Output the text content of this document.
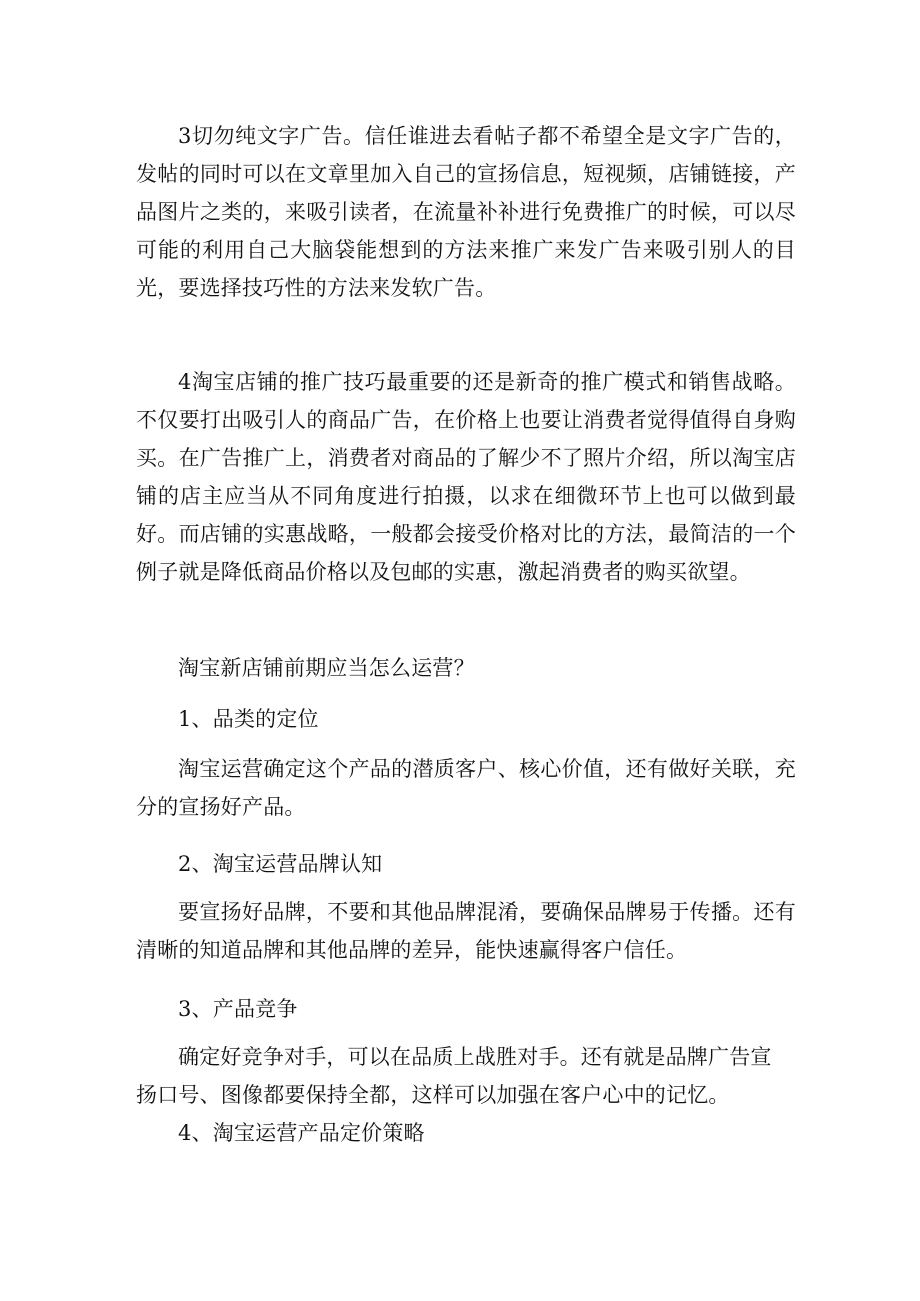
3切勿纯文字广告。信任谁进去看帖子都不希望全是文字广告的，发帖的同时可以在文章里加入自己的宣扬信息，短视频，店铺链接，产品图片之类的，来吸引读者，在流量补补进行免费推广的时候，可以尽可能的利用自己大脑袋能想到的方法来推广来发广告来吸引别人的目光，要选择技巧性的方法来发软广告。

4淘宝店铺的推广技巧最重要的还是新奇的推广模式和销售战略。不仅要打出吸引人的商品广告，在价格上也要让消费者觉得值得自身购买。在广告推广上，消费者对商品的了解少不了照片介绍，所以淘宝店铺的店主应当从不同角度进行拍摄，以求在细微环节上也可以做到最好。而店铺的实惠战略，一般都会接受价格对比的方法，最简洁的一个例子就是降低商品价格以及包邮的实惠，激起消费者的购买欲望。

淘宝新店铺前期应当怎么运营？

1、品类的定位

淘宝运营确定这个产品的潜质客户、核心价值，还有做好关联，充分的宣扬好产品。

2、淘宝运营品牌认知

要宣扬好品牌，不要和其他品牌混淆，要确保品牌易于传播。还有清晰的知道品牌和其他品牌的差异，能快速赢得客户信任。

3、产品竞争

确定好竞争对手，可以在品质上战胜对手。还有就是品牌广告宣
扬口号、图像都要保持全都，这样可以加强在客户心中的记忆。

4、淘宝运营产品定价策略
